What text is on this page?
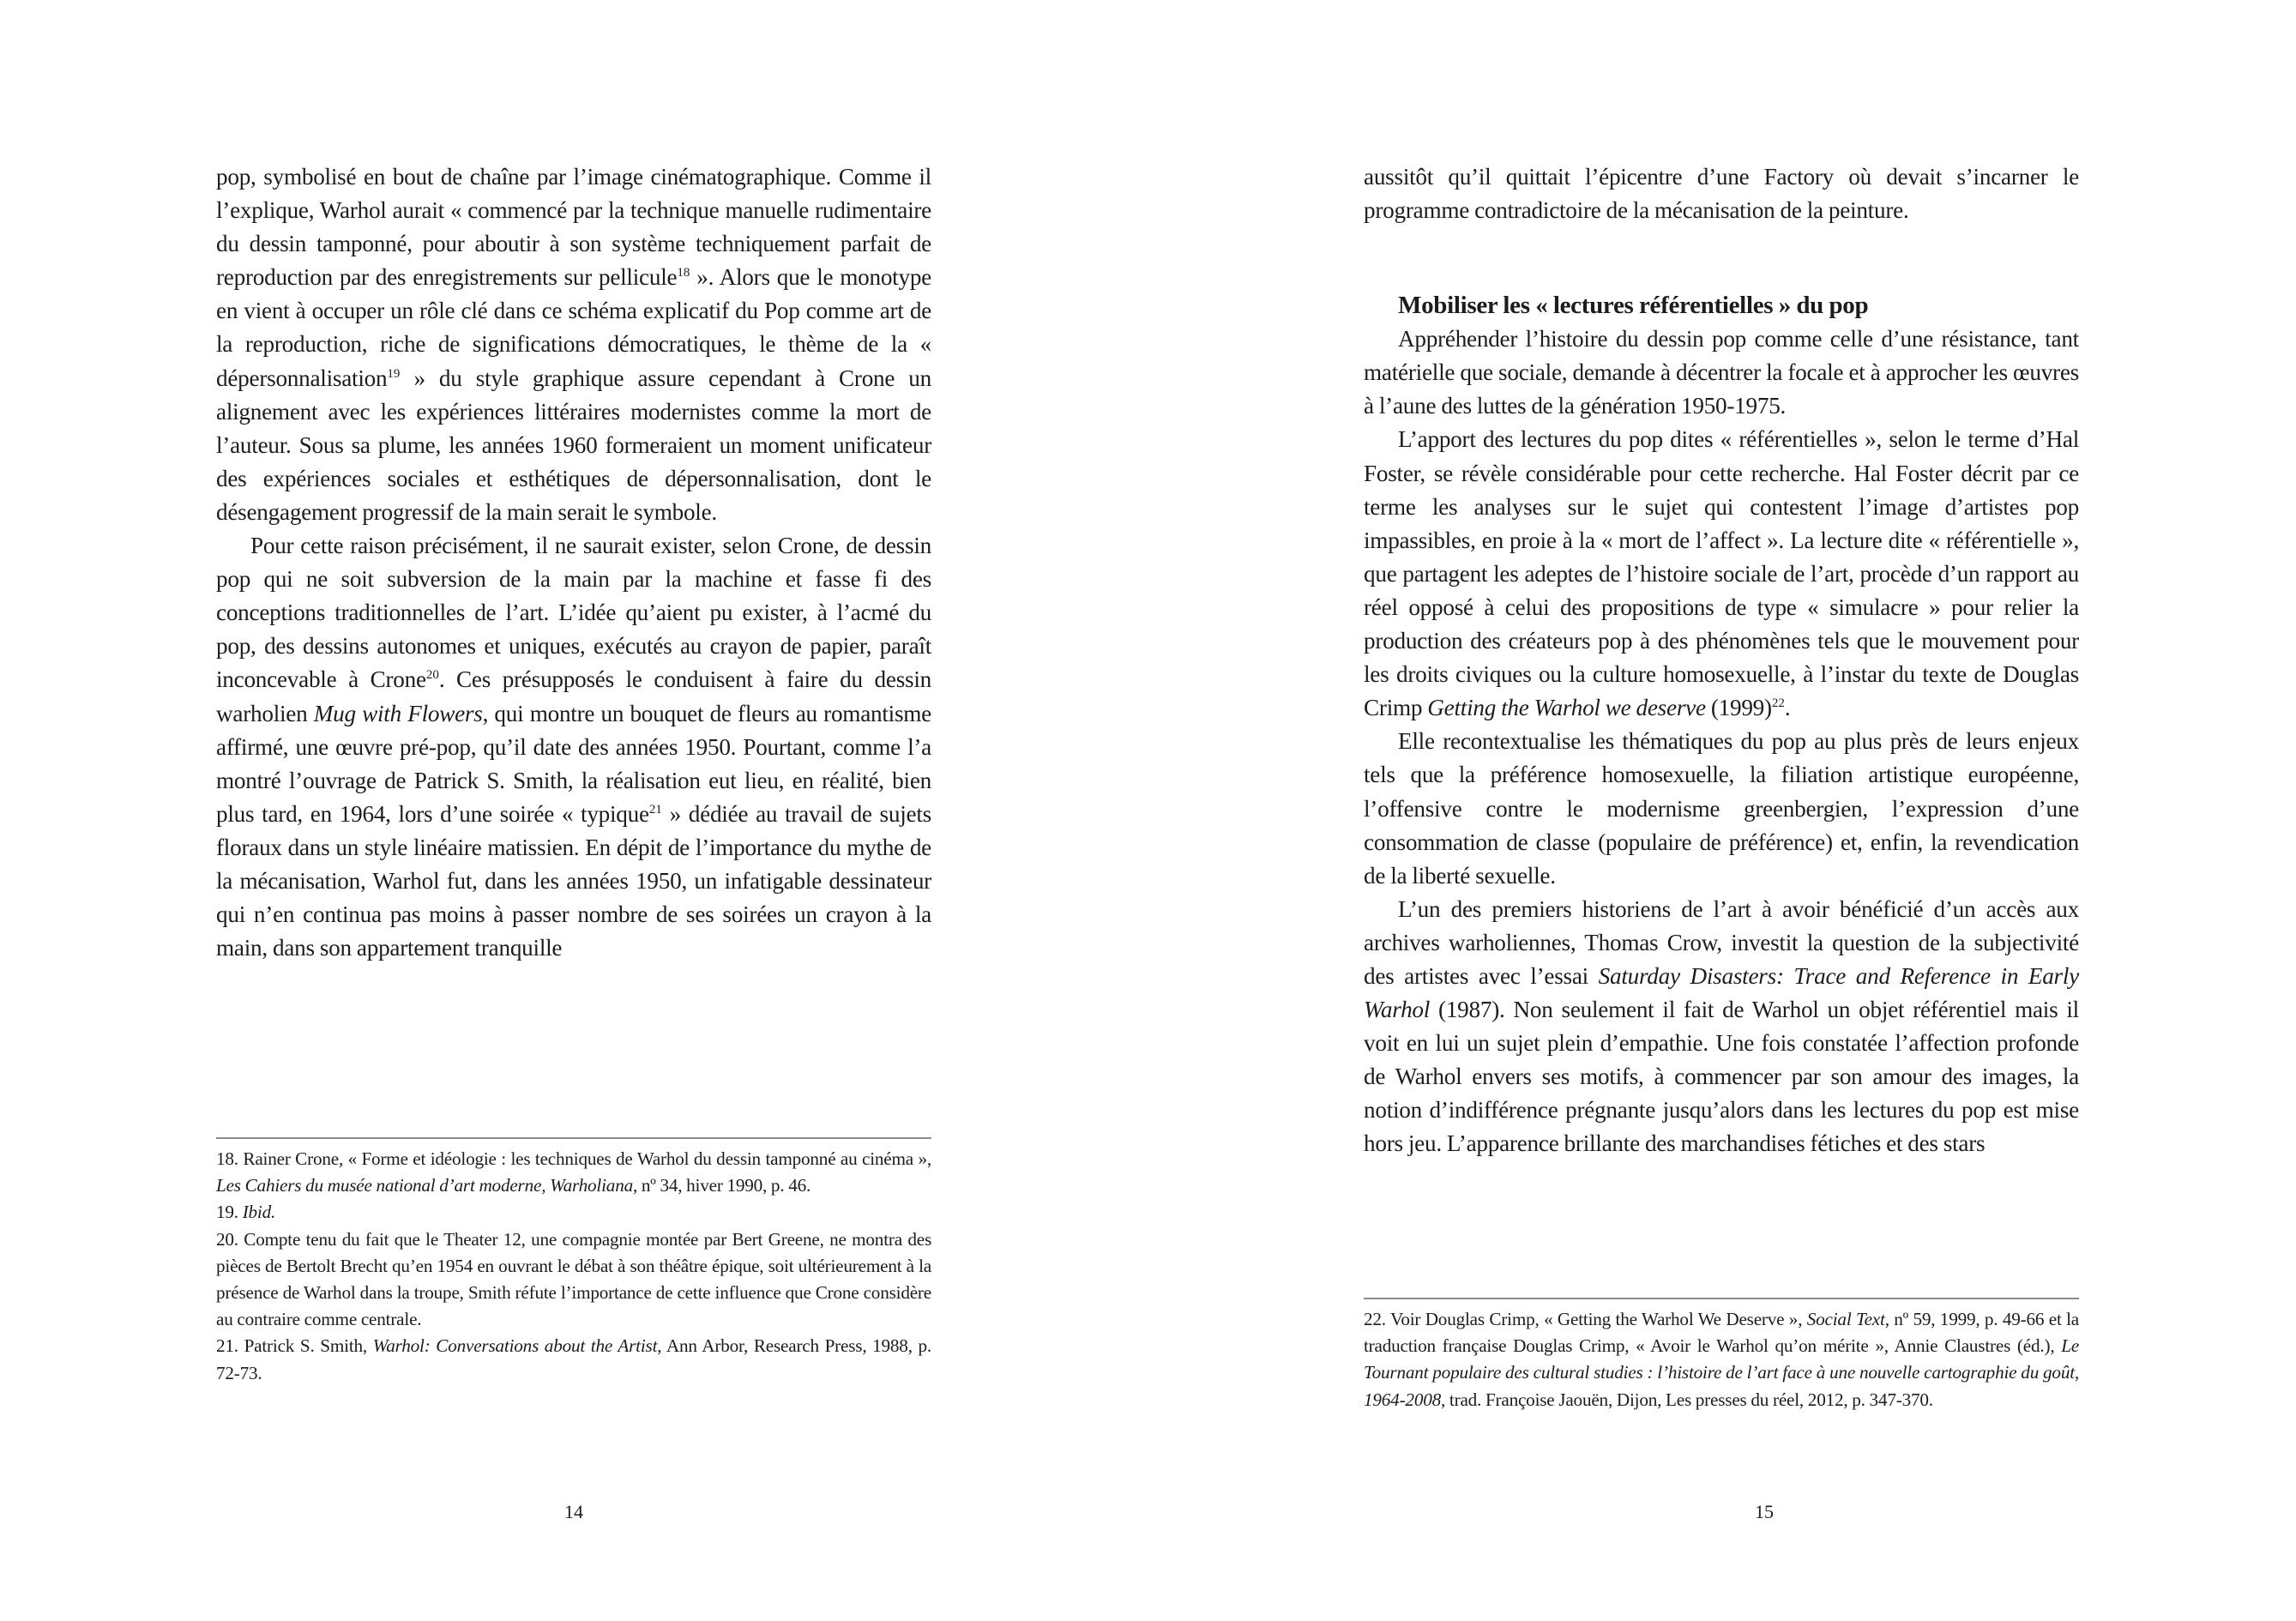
pop, symbolisé en bout de chaîne par l’image cinématographique. Comme il l’explique, Warhol aurait « commencé par la technique manuelle rudimentaire du dessin tamponné, pour aboutir à son système techniquement parfait de reproduction par des enregistrements sur pellicule$^{18}$ ». Alors que le monotype en vient à occuper un rôle clé dans ce schéma explicatif du Pop comme art de la reproduction, riche de significations démocratiques, le thème de la « dépersonnalisation$^{19}$ » du style graphique assure cependant à Crone un alignement avec les expériences littéraires modernistes comme la mort de l’auteur. Sous sa plume, les années 1960 formeraient un moment unificateur des expériences sociales et esthétiques de dépersonnalisation, dont le désengagement progressif de la main serait le symbole.

Pour cette raison précisément, il ne saurait exister, selon Crone, de dessin pop qui ne soit subversion de la main par la machine et fasse fi des conceptions traditionnelles de l’art. L’idée qu’aient pu exister, à l’acmé du pop, des dessins autonomes et uniques, exécutés au crayon de papier, paraît inconcevable à Crone$^{20}$. Ces présupposés le conduisent à faire du dessin warholien Mug with Flowers, qui montre un bouquet de fleurs au romantisme affirmé, une œuvre pré-pop, qu’il date des années 1950. Pourtant, comme l’a montré l’ouvrage de Patrick S. Smith, la réalisation eut lieu, en réalité, bien plus tard, en 1964, lors d’une soirée « typique$^{21}$ » dédiée au travail de sujets floraux dans un style linéaire matissien. En dépit de l’importance du mythe de la mécanisation, Warhol fut, dans les années 1950, un infatigable dessinateur qui n’en continua pas moins à passer nombre de ses soirées un crayon à la main, dans son appartement tranquille

18. Rainer Crone, « Forme et idéologie : les techniques de Warhol du dessin tamponné au cinéma », Les Cahiers du musée national d’art moderne, Warholiana, nº 34, hiver 1990, p. 46.

19. Ibid.

20. Compte tenu du fait que le Theater 12, une compagnie montée par Bert Greene, ne montra des pièces de Bertolt Brecht qu’en 1954 en ouvrant le débat à son théâtre épique, soit ultérieurement à la présence de Warhol dans la troupe, Smith réfute l’importance de cette influence que Crone considère au contraire comme centrale.

21. Patrick S. Smith, Warhol: Conversations about the Artist, Ann Arbor, Research Press, 1988, p. 72-73.

14

aussitôt qu’il quittait l’épicentre d’une Factory où devait s’incarner le programme contradictoire de la mécanisation de la peinture.

Mobiliser les « lectures référentielles » du pop

Appréhender l’histoire du dessin pop comme celle d’une résistance, tant matérielle que sociale, demande à décentrer la focale et à approcher les œuvres à l’aune des luttes de la génération 1950-1975.

L’apport des lectures du pop dites « référentielles », selon le terme d’Hal Foster, se révèle considérable pour cette recherche. Hal Foster décrit par ce terme les analyses sur le sujet qui contestent l’image d’artistes pop impassibles, en proie à la « mort de l’affect ». La lecture dite « référentielle », que partagent les adeptes de l’histoire sociale de l’art, procède d’un rapport au réel opposé à celui des propositions de type « simulacre » pour relier la production des créateurs pop à des phénomènes tels que le mouvement pour les droits civiques ou la culture homosexuelle, à l’instar du texte de Douglas Crimp Getting the Warhol we deserve $(1999)^{22}$.

Elle recontextualise les thématiques du pop au plus près de leurs enjeux tels que la préférence homosexuelle, la filiation artistique européenne, l’offensive contre le modernisme greenbergien, l’expression d’une consommation de classe (populaire de préférence) et, enfin, la revendication de la liberté sexuelle.

L’un des premiers historiens de l’art à avoir bénéficié d’un accès aux archives warholiennes, Thomas Crow, investit la question de la subjectivité des artistes avec l’essai Saturday Disasters: Trace and Reference in Early Warhol (1987). Non seulement il fait de Warhol un objet référentiel mais il voit en lui un sujet plein d’empathie. Une fois constatée l’affection profonde de Warhol envers ses motifs, à commencer par son amour des images, la notion d’indifférence prégnante jusqu’alors dans les lectures du pop est mise hors jeu. L’apparence brillante des marchandises fétiches et des stars

22. Voir Douglas Crimp, « Getting the Warhol We Deserve », Social Text, nº 59, 1999, p. 49-66 et la traduction française Douglas Crimp, « Avoir le Warhol qu’on mérite », Annie Claustres (éd.), Le Tournant populaire des cultural studies : l’histoire de l’art face à une nouvelle cartographie du goût, 1964-2008, trad. Françoise Jaouën, Dijon, Les presses du réel, 2012, p. 347-370.

15
